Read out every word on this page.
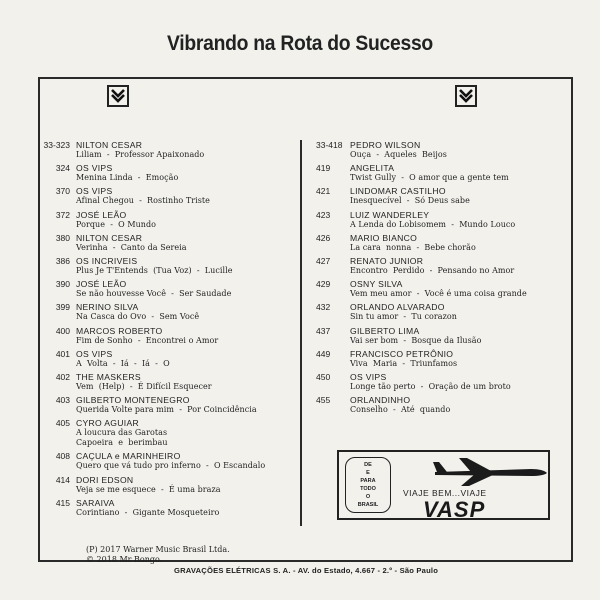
Vibrando na Rota do Sucesso
33-323 NILTON CESAR
Liliam  -  Professor Apaixonado
324 OS VIPS
Menina Linda  -  Emoção
370 OS VIPS
Afinal Chegou  -  Rostinho Triste
372 JOSÉ LEÃO
Porque  -  O Mundo
380 NILTON CESAR
Verinha  -  Canto da Sereia
386 OS INCRIVEIS
Plus Je T'Entends  (Tua Voz)  -  Lucille
390 JOSÉ LEÃO
Se não houvesse Você  -  Ser Saudade
399 NERINO SILVA
Na Casca do Ovo  -  Sem Você
400 MARCOS ROBERTO
Fim de Sonho  -  Encontrei o Amor
401 OS VIPS
A  Volta  -  Iá  -  Iá  -  O
402 THE MASKERS
Vem  (Help)  -  É Difícil Esquecer
403 GILBERTO MONTENEGRO
Querida Volte para mim  -  Por Coincidência
405 CYRO AGUIAR
A loucura das Garotas
Capoeira  e  berimbau
408 CAÇULA e MARINHEIRO
Quero que vá tudo pro inferno  -  O Escandalo
414 DORI EDSON
Veja se me esquece  -  É uma braza
415 SARAIVA
Corintiano  -  Gigante Mosqueteiro
33-418 PEDRO WILSON
Ouça  -  Aqueles  Beijos
419	ANGELITA
Twist Gully  -  O amor que a gente tem
421	LINDOMAR CASTILHO
Inesquecível  -  Só Deus sabe
423	LUIZ WANDERLEY
A Lenda do Lobisomem  -  Mundo Louco
426	MARIO BIANCO
La cara  nonna  -  Bebe chorão
427	RENATO JUNIOR
Encontro  Perdido  -  Pensando no Amor
429	OSNY SILVA
Vem meu amor  -  Você é uma coisa grande
432	ORLANDO ALVARADO
Sin tu amor  -  Tu corazon
437	GILBERTO LIMA
Vai ser bom  -  Bosque da Ilusão
449	FRANCISCO PETRÔNIO
Viva  Maria  -  Triunfamos
450	OS VIPS
Longe tão perto  -  Oração de um broto
455	ORLANDINHO
Conselho  -  Até  quando
DE
E
PARA
TODO
O
BRASIL
VIAJE BEM...VIAJE
VASP
(P) 2017 Warner Music Brasil Ltda.
© 2018 Mr Bongo.
GRAVAÇÕES ELÉTRICAS S. A. - AV. do Estado, 4.667 - 2.º - São Paulo
